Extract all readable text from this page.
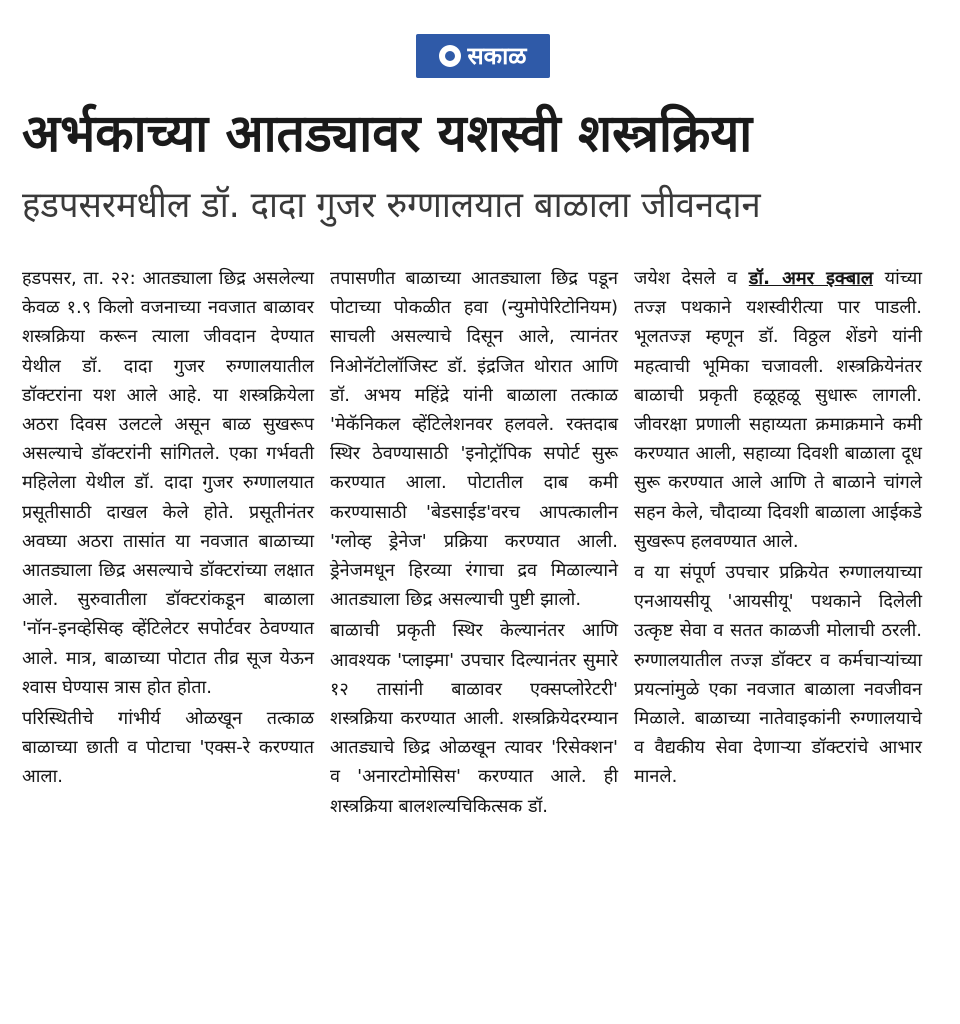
सकाळ
अर्भकाच्या आतड्यावर यशस्वी शस्त्रक्रिया
हडपसरमधील डॉ. दादा गुजर रुग्णालयात बाळाला जीवनदान

हडपसर, ता. २२: आतड्याला छिद्र असलेल्या केवळ १.९ किलो वजनाच्या नवजात बाळावर शस्त्रक्रिया करून त्याला जीवदान देण्यात येथील डॉ. दादा गुजर रुग्णालयातील डॉक्टरांना यश आले आहे. या शस्त्रक्रियेला अठरा दिवस उलटले असून बाळ सुखरूप असल्याचे डॉक्टरांनी सांगितले. एका गर्भवती महिलेला येथील डॉ. दादा गुजर रुग्णालयात प्रसूतीसाठी दाखल केले होते. प्रसूतीनंतर अवघ्या अठरा तासांत या नवजात बाळाच्या आतड्याला छिद्र असल्याचे डॉक्टरांच्या लक्षात आले. सुरुवातीला डॉक्टरांकडून बाळाला 'नॉन-इनव्हेसिव्ह व्हेंटिलेटर सपोर्टवर ठेवण्यात आले. मात्र, बाळाच्या पोटात तीव्र सूज येऊन श्वास घेण्यास त्रास होत होता.

परिस्थितीचे गांभीर्य ओळखून तत्काळ बाळाच्या छाती व पोटाचा 'एक्स-रे करण्यात आला.

तपासणीत बाळाच्या आतड्याला छिद्र पडून पोटाच्या पोकळीत हवा (न्युमोपेरिटोनियम) साचली असल्याचे दिसून आले, त्यानंतर निओनॅटोलॉजिस्ट डॉ. इंद्रजित थोरात आणि डॉ. अभय महिंद्रे यांनी बाळाला तत्काळ 'मेकॅनिकल व्हेंटिलेशनवर हलवले. रक्तदाब स्थिर ठेवण्यासाठी 'इनोट्रॉपिक सपोर्ट सुरू करण्यात आला. पोटातील दाब कमी करण्यासाठी 'बेडसाईड'वरच आपत्कालीन 'ग्लोव्ह ड्रेनेज' प्रक्रिया करण्यात आली. ड्रेनेजमधून हिरव्या रंगाचा द्रव मिळाल्याने आतड्याला छिद्र असल्याची पुष्टी झालो.

बाळाची प्रकृती स्थिर केल्यानंतर आणि आवश्यक 'प्लाझ्मा' उपचार दिल्यानंतर सुमारे १२ तासांनी बाळावर एक्सप्लोरेटरी' शस्त्रक्रिया करण्यात आली. शस्त्रक्रियेदरम्यान आतड्याचे छिद्र ओळखून त्यावर 'रिसेक्शन' व 'अनारटोमोसिस' करण्यात आले. ही शस्त्रक्रिया बालशल्यचिकित्सक डॉ.

जयेश देसले व डॉ. अमर इक्बाल यांच्या तज्ज्ञ पथकाने यशस्वीरीत्या पार पाडली. भूलतज्ज्ञ म्हणून डॉ. विठ्ठल शेंडगे यांनी महत्वाची भूमिका चजावली. शस्त्रक्रियेनंतर बाळाची प्रकृती हळूहळू सुधारू लागली. जीवरक्षा प्रणाली सहाय्यता क्रमाक्रमाने कमी करण्यात आली, सहाव्या दिवशी बाळाला दूध सुरू करण्यात आले आणि ते बाळाने चांगले सहन केले, चौदाव्या दिवशी बाळाला आईकडे सुखरूप हलवण्यात आले.

व या संपूर्ण उपचार प्रक्रियेत रुग्णालयाच्या एनआयसीयू 'आयसीयू' पथकाने दिलेली उत्कृष्ट सेवा व सतत काळजी मोलाची ठरली. रुग्णालयातील तज्ज्ञ डॉक्टर व कर्मचाऱ्यांच्या प्रयत्नांमुळे एका नवजात बाळाला नवजीवन मिळाले. बाळाच्या नातेवाइकांनी रुग्णालयाचे व वैद्यकीय सेवा देणाऱ्या डॉक्टरांचे आभार मानले.
